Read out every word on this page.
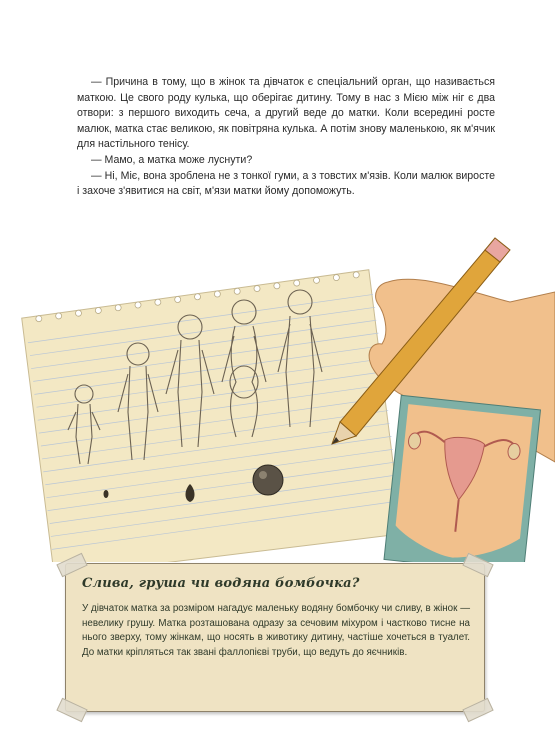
— Причина в тому, що в жінок та дівчаток є спеціальний орган, що називається маткою. Це свого роду кулька, що оберігає дитину. Тому в нас з Мією між ніг є два отвори: з першого виходить сеча, а другий веде до матки. Коли всередині росте малюк, матка стає великою, як повітряна кулька. А потім знову маленькою, як м'ячик для настільного тенісу.

— Мамо, а матка може луснути?

— Ні, Міє, вона зроблена не з тонкої гуми, а з товстих м'язів. Коли малюк виросте і захоче з'явитися на світ, м'язи матки йому допоможуть.

Слива, груша чи водяна бомбочка?
У дівчаток матка за розміром нагадує маленьку водяну бомбочку чи сливу, в жінок — невелику грушу. Матка розташована одразу за сечовим міхуром і частково тисне на нього зверху, тому жінкам, що носять в животику дитину, частіше хочеться в туалет. До матки кріпляться так звані фаллопієві труби, що ведуть до яєчників.
